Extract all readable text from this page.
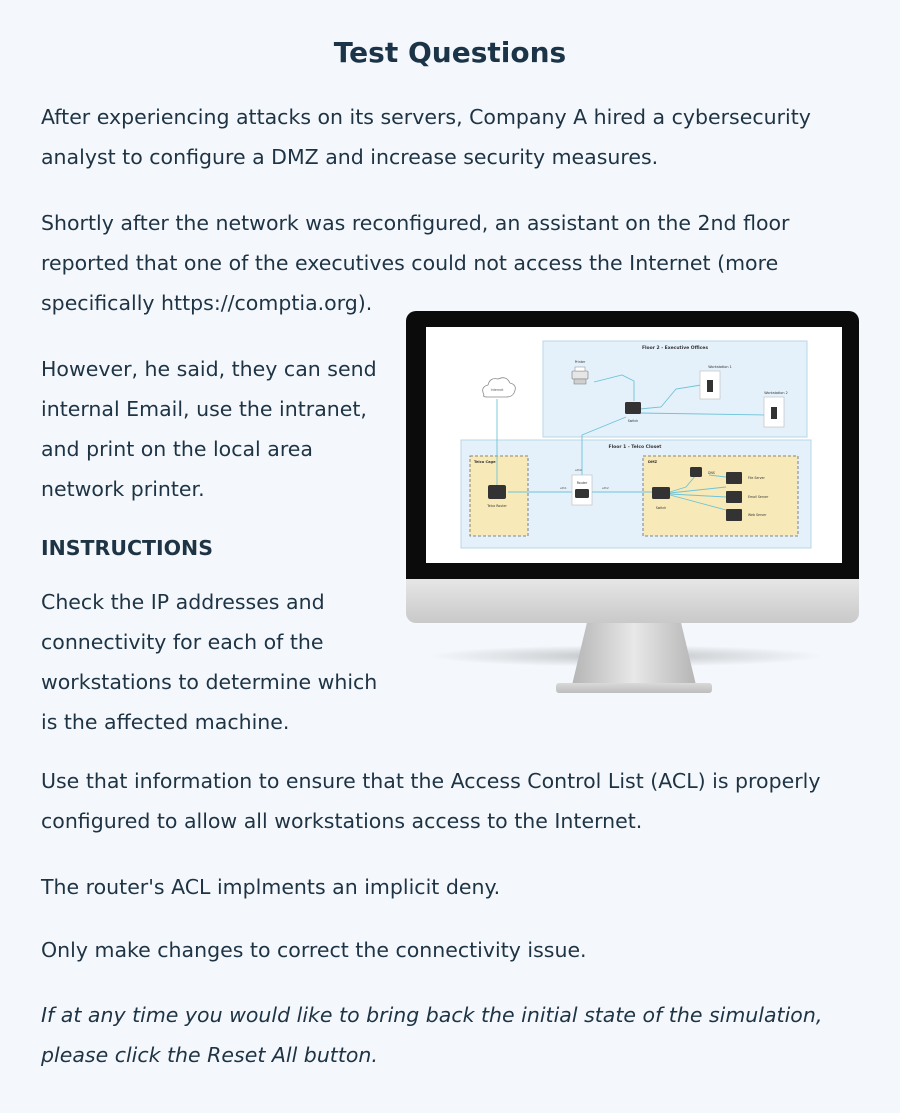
Test Questions

After experiencing attacks on its servers, Company A hired a cybersecurity
analyst to configure a DMZ and increase security measures.

Shortly after the network was reconfigured, an assistant on the 2nd floor
reported that one of the executives could not access the Internet (more
specifically https://comptia.org).

However, he said, they can send
internal Email, use the intranet,
and print on the local area
network printer.

INSTRUCTIONS

Check the IP addresses and
connectivity for each of the
workstations to determine which
is the affected machine.

Use that information to ensure that the Access Control List (ACL) is properly
configured to allow all workstations access to the Internet.

The router's ACL implments an implicit deny.

Only make changes to correct the connectivity issue.

If at any time you would like to bring back the initial state of the simulation,
please click the Reset All button.

Floor 2 - Executive Offices
Floor 1 - Telco Closet
Telco Cage	DMZ
Internet
Printer
Switch
Workstation 1
Workstation 2
Router
eth0
eth1	eth2
Telco Router	Switch
DNS
File Server
Email Server
Web Server
